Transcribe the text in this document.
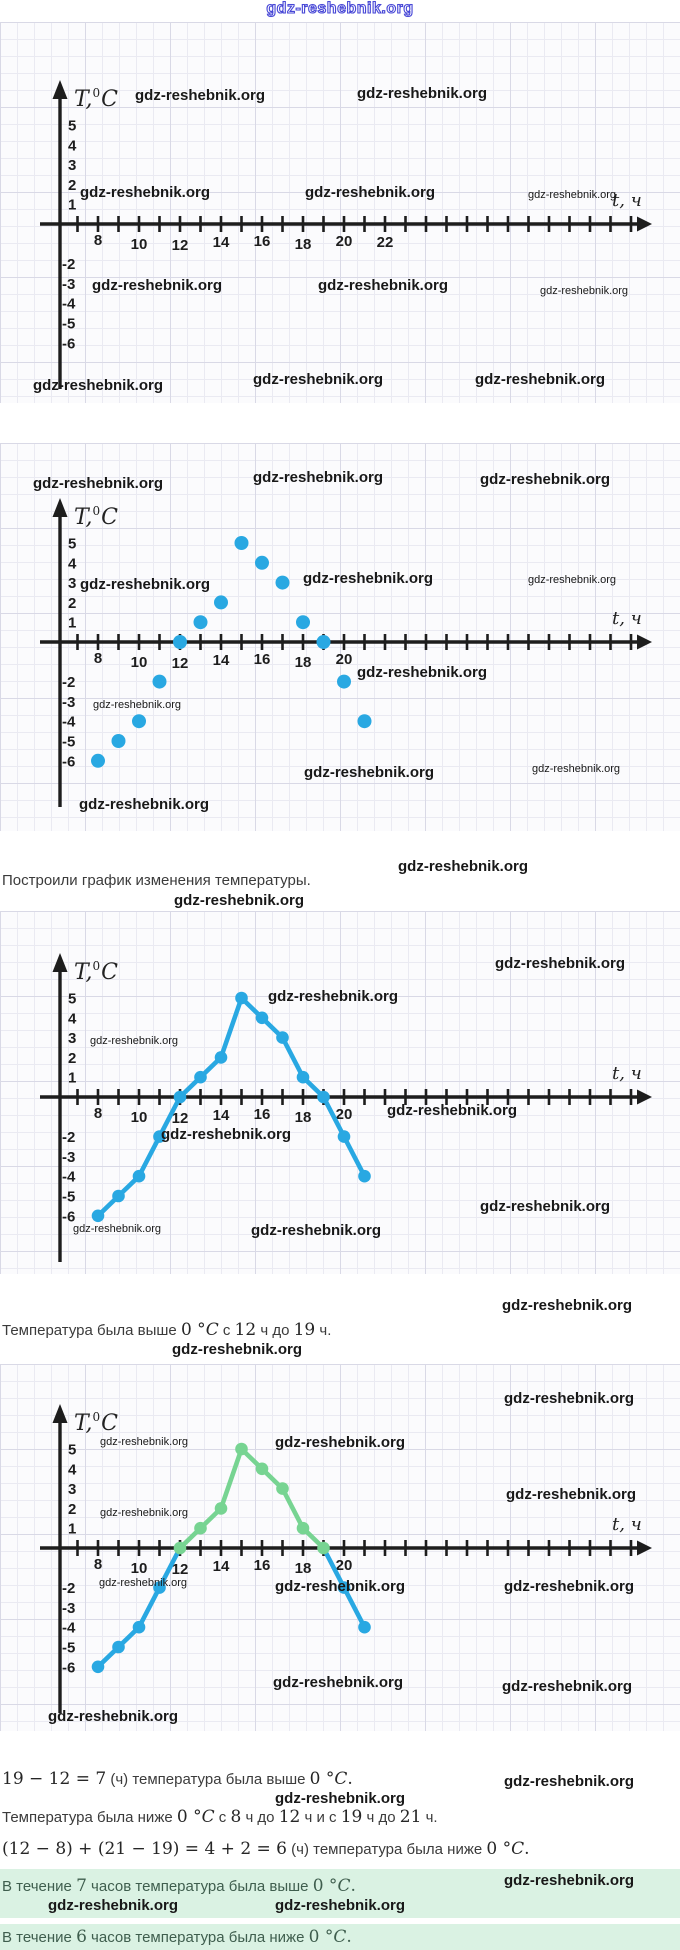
gdz-reshebnik.org
8 10 12 14 16 18 20 22
5
4
3
2
1
-2
-3
-4
-5
-6
T,$^0$C
t, ч
8 10 12 14 16 18 20
5
4
3
2
1
-2
-3
-4
-5
-6
T,$^0$C
t, ч
8 10 12 14 16 18 20
5
4
3
2
1
-2
-3
-4
-5
-6
T,$^0$C
t, ч
8 10 12 14 16 18 20
5
4
3
2
1
-2
-3
-4
-5
-6
T,$^0$C
t, ч
Построили график изменения температуры.
Температура была выше 0 °C с 12 ч до 19 ч.
19 − 12 = 7 (ч) температура была выше 0 °C.
Температура была ниже 0 °C с 8 ч до 12 ч и с 19 ч до 21 ч.
(12 − 8) + (21 − 19) = 4 + 2 = 6 (ч) температура была ниже 0 °C.
В течение 7 часов температура была выше 0 °C.
В течение 6 часов температура была ниже 0 °C.
gdz-reshebnik.org	gdz-reshebnik.org
gdz-reshebnik.org	gdz-reshebnik.org	gdz-reshebnik.org
gdz-reshebnik.org	gdz-reshebnik.org	gdz-reshebnik.org
gdz-reshebnik.org	gdz-reshebnik.org	gdz-reshebnik.org
gdz-reshebnik.org	gdz-reshebnik.org	gdz-reshebnik.org
gdz-reshebnik.org	gdz-reshebnik.org	gdz-reshebnik.org
gdz-reshebnik.org
gdz-reshebnik.org
gdz-reshebnik.org	gdz-reshebnik.org
gdz-reshebnik.org
gdz-reshebnik.org
gdz-reshebnik.org
gdz-reshebnik.org
gdz-reshebnik.org
gdz-reshebnik.org
gdz-reshebnik.org
gdz-reshebnik.org
gdz-reshebnik.org
gdz-reshebnik.org	gdz-reshebnik.org
gdz-reshebnik.org
gdz-reshebnik.org
gdz-reshebnik.org
gdz-reshebnik.org	gdz-reshebnik.org
gdz-reshebnik.org
gdz-reshebnik.org
gdz-reshebnik.org	gdz-reshebnik.org	gdz-reshebnik.org
gdz-reshebnik.org	gdz-reshebnik.org
gdz-reshebnik.org
gdz-reshebnik.org
gdz-reshebnik.org
gdz-reshebnik.org
gdz-reshebnik.org	gdz-reshebnik.org
